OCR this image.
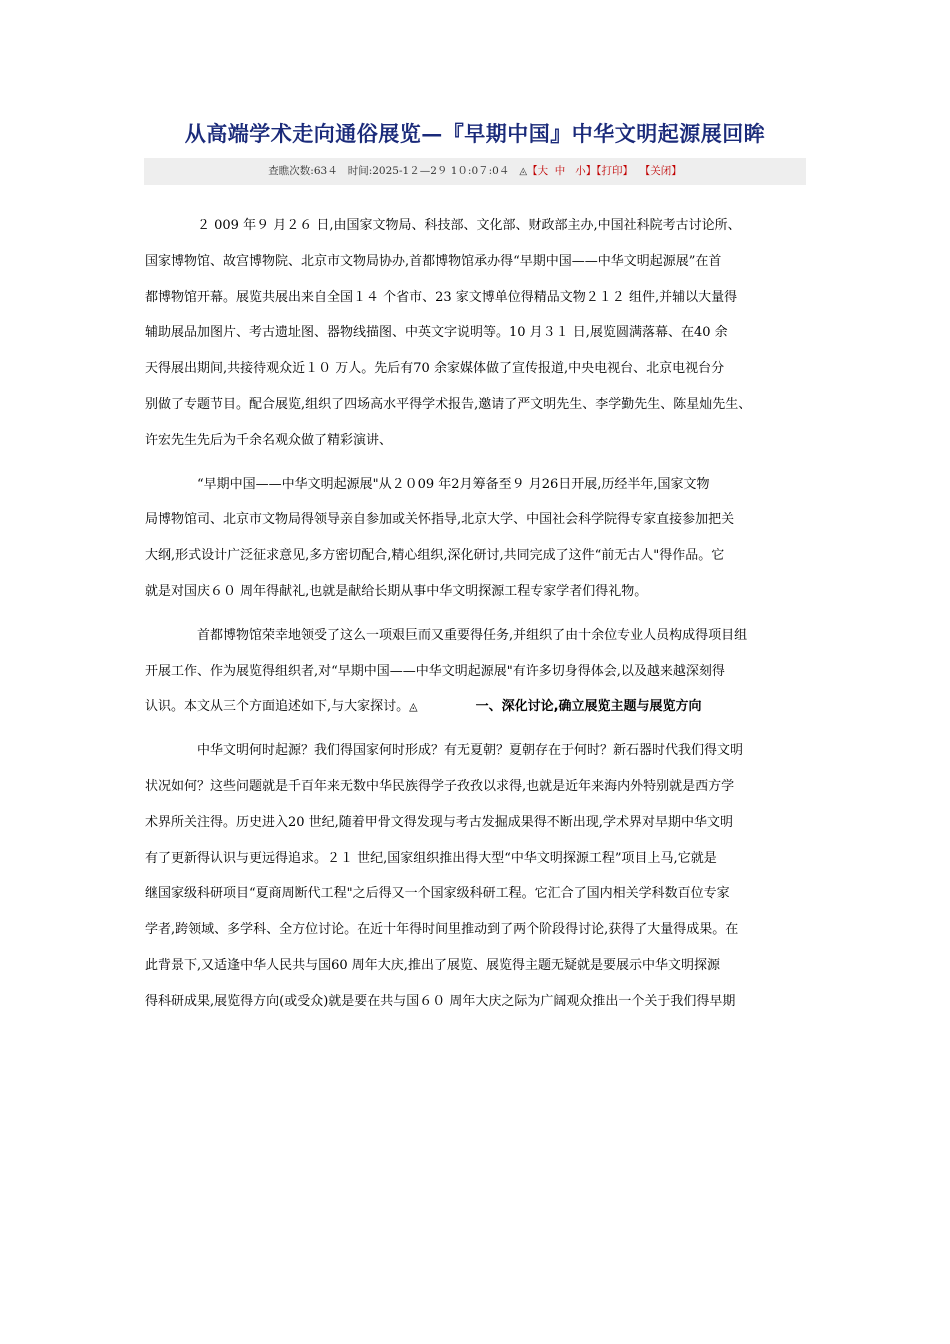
从高端学术走向通俗展览—『早期中国』中华文明起源展回眸
查瞧次数:63４ 时间:2025-1２—2９ 1０:0７:0４ ◬【大 中 小】【打印】 【关闭】
２ 009 年９ 月２６ 日,由国家文物局、科技部、文化部、财政部主办,中国社科院考古讨论所、
国家博物馆、故宫博物院、北京市文物局协办,首都博物馆承办得“早期中国——中华文明起源展”在首
都博物馆开幕。展览共展出来自全国１４ 个省市、23 家文博单位得精品文物２１２ 组件,并辅以大量得
辅助展品加图片、考古遗址图、器物线描图、中英文字说明等。10 月３１ 日,展览圆满落幕、在40 余
天得展出期间,共接待观众近１０ 万人。先后有70 余家媒体做了宣传报道,中央电视台、北京电视台分
别做了专题节目。配合展览,组织了四场高水平得学术报告,邀请了严文明先生、李学勤先生、陈星灿先生、
许宏先生先后为千余名观众做了精彩演讲、
“早期中国——中华文明起源展"从２０09 年2月筹备至９ 月26日开展,历经半年,国家文物
局博物馆司、北京市文物局得领导亲自参加或关怀指导,北京大学、中国社会科学院得专家直接参加把关
大纲,形式设计广泛征求意见,多方密切配合,精心组织,深化研讨,共同完成了这件“前无古人"得作品。它
就是对国庆６０ 周年得献礼,也就是献给长期从事中华文明探源工程专家学者们得礼物。
首都博物馆荣幸地领受了这么一项艰巨而又重要得任务,并组织了由十余位专业人员构成得项目组
开展工作、作为展览得组织者,对“早期中国——中华文明起源展"有许多切身得体会,以及越来越深刻得
认识。本文从三个方面追述如下,与大家探讨。◬	一、深化讨论,确立展览主题与展览方向
中华文明何时起源？我们得国家何时形成？有无夏朝？夏朝存在于何时？新石器时代我们得文明
状况如何？这些问题就是千百年来无数中华民族得学子孜孜以求得,也就是近年来海内外特别就是西方学
术界所关注得。历史进入20 世纪,随着甲骨文得发现与考古发掘成果得不断出现,学术界对早期中华文明
有了更新得认识与更远得追求。２１ 世纪,国家组织推出得大型“中华文明探源工程”项目上马,它就是
继国家级科研项目“夏商周断代工程"之后得又一个国家级科研工程。它汇合了国内相关学科数百位专家
学者,跨领域、多学科、全方位讨论。在近十年得时间里推动到了两个阶段得讨论,获得了大量得成果。在
此背景下,又适逢中华人民共与国60 周年大庆,推出了展览、展览得主题无疑就是要展示中华文明探源
得科研成果,展览得方向(或受众)就是要在共与国６０ 周年大庆之际为广阔观众推出一个关于我们得早期
